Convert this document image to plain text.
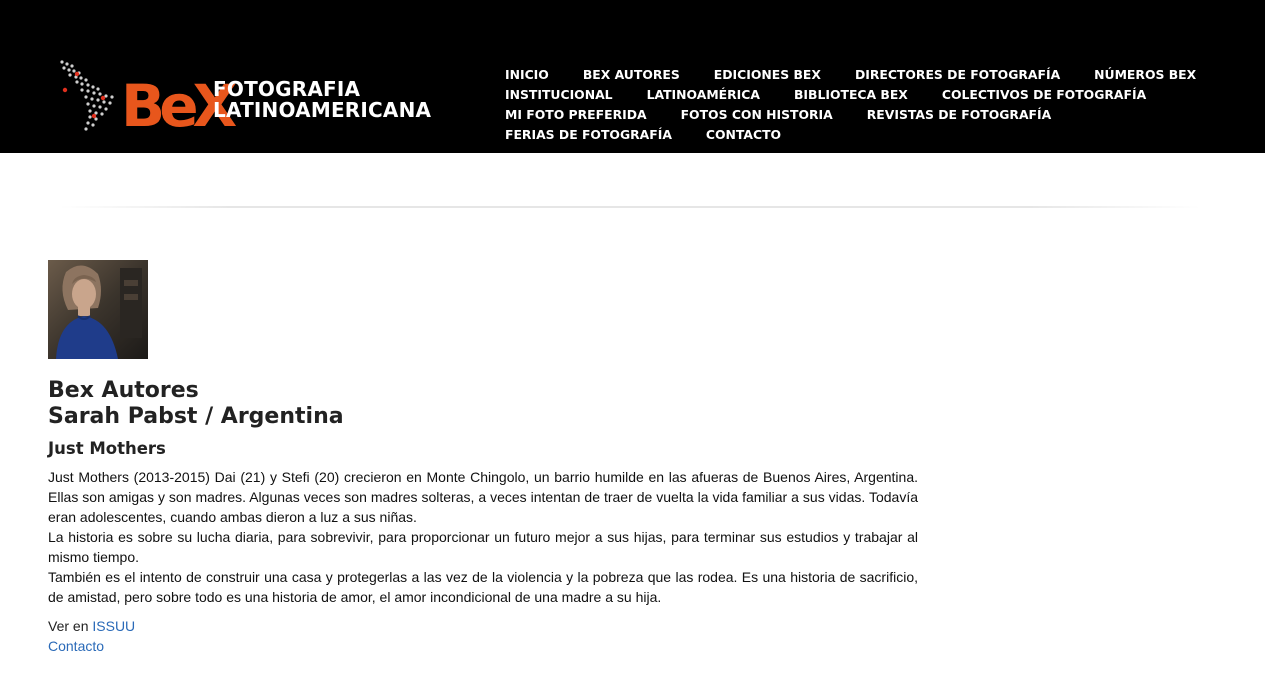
BeX
FOTOGRAFIA
LATINOAMERICANA
INICIO	BEX AUTORES	EDICIONES BEX	DIRECTORES DE FOTOGRAFÍA	NÚMEROS BEX
INSTITUCIONAL	LATINOAMÉRICA	BIBLIOTECA BEX	COLECTIVOS DE FOTOGRAFÍA
MI FOTO PREFERIDA	FOTOS CON HISTORIA	REVISTAS DE FOTOGRAFÍA
FERIAS DE FOTOGRAFÍA	CONTACTO
Bex Autores
Sarah Pabst / Argentina
Just Mothers

Just Mothers (2013-2015) Dai (21) y Stefi (20) crecieron en Monte Chingolo, un barrio humilde en las afueras de Buenos Aires, Argentina. Ellas son amigas y son madres. Algunas veces son madres solteras, a veces intentan de traer de vuelta la vida familiar a sus vidas. Todavía eran adolescentes, cuando ambas dieron a luz a sus niñas.

La historia es sobre su lucha diaria, para sobrevivir, para proporcionar un futuro mejor a sus hijas, para terminar sus estudios y trabajar al mismo tiempo.

También es el intento de construir una casa y protegerlas a las vez de la violencia y la pobreza que las rodea. Es una historia de sacrificio, de amistad, pero sobre todo es una historia de amor, el amor incondicional de una madre a su hija.

Ver en ISSUU
Contacto
